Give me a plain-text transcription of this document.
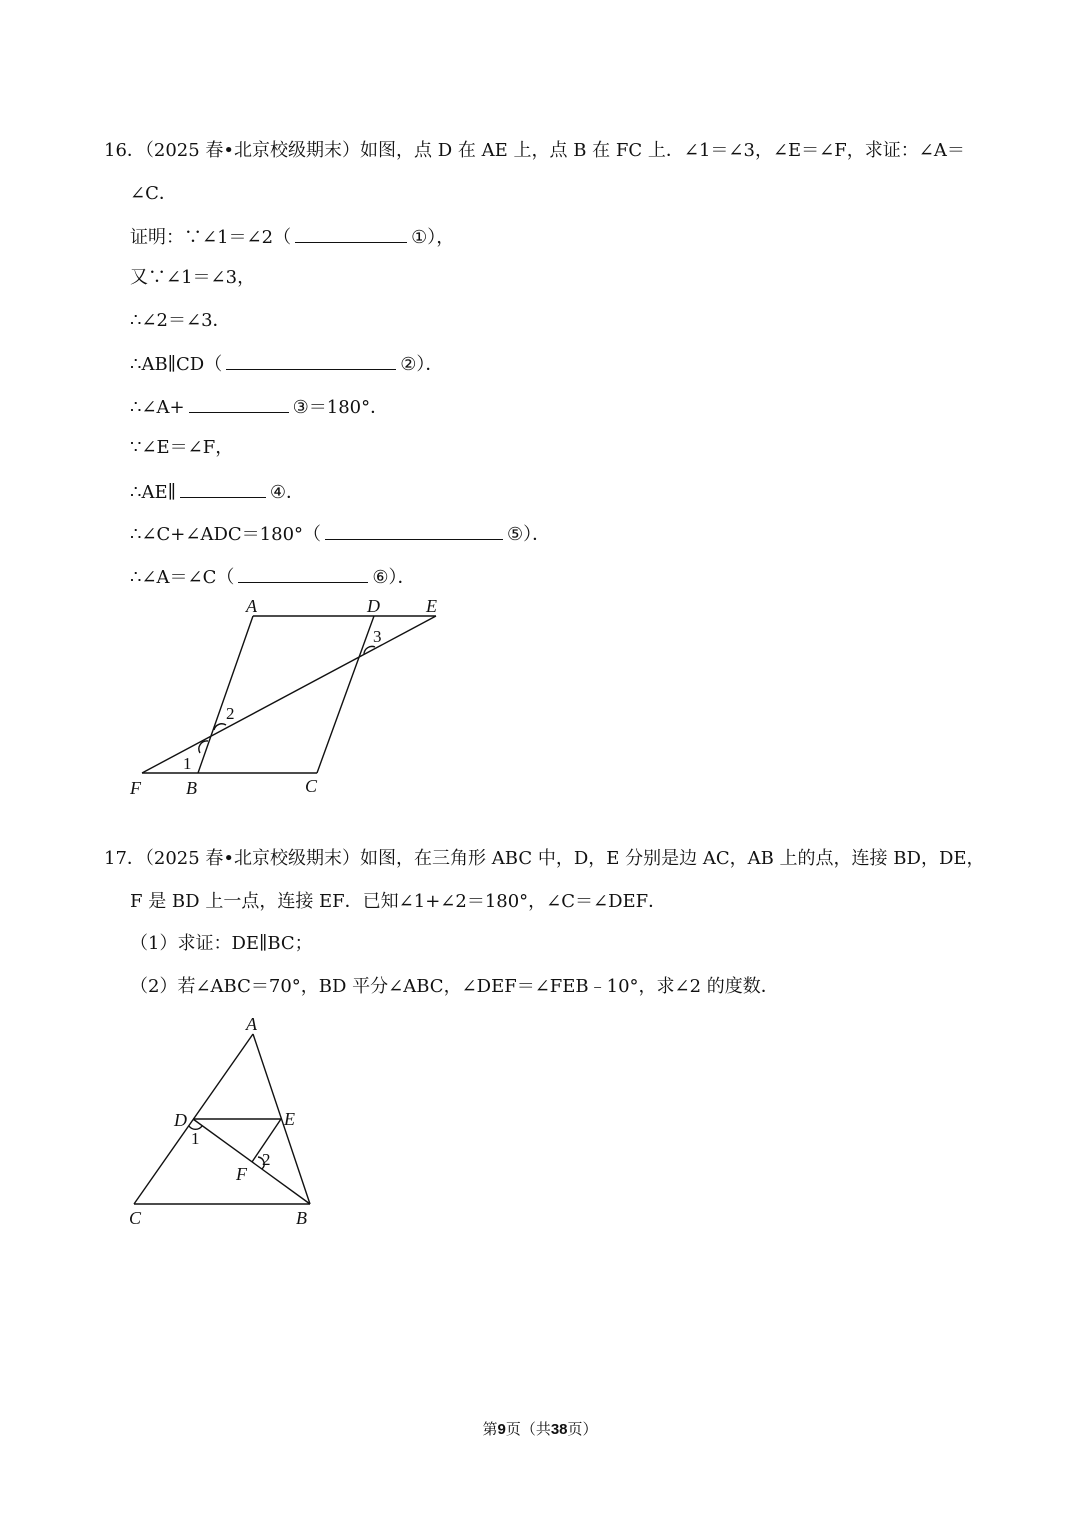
16．（2025 春•北京校级期末）如图，点 D 在 AE 上，点 B 在 FC 上．∠1＝∠3，∠E＝∠F，求证：∠A＝
∠C．
证明：∵∠1＝∠2（	①），
又∵∠1＝∠3，
∴∠2＝∠3．
∴AB∥CD（	②）．
∴∠A+	③＝180°．
∵∠E＝∠F，
∴AE∥	④．
∴∠C+∠ADC＝180°（	⑤）．
∴∠A＝∠C（	⑥）．
A	D	E
F	B	C
1
2
3
17．（2025 春•北京校级期末）如图，在三角形 ABC 中，D，E 分别是边 AC，AB 上的点，连接 BD，DE，
F 是 BD 上一点，连接 EF．已知∠1+∠2＝180°，∠C＝∠DEF．
（1）求证：DE∥BC；
（2）若∠ABC＝70°，BD 平分∠ABC，∠DEF＝∠FEB﹣10°，求∠2 的度数．
A
D	E
F
C	B
1
2
第9页（共38页）
